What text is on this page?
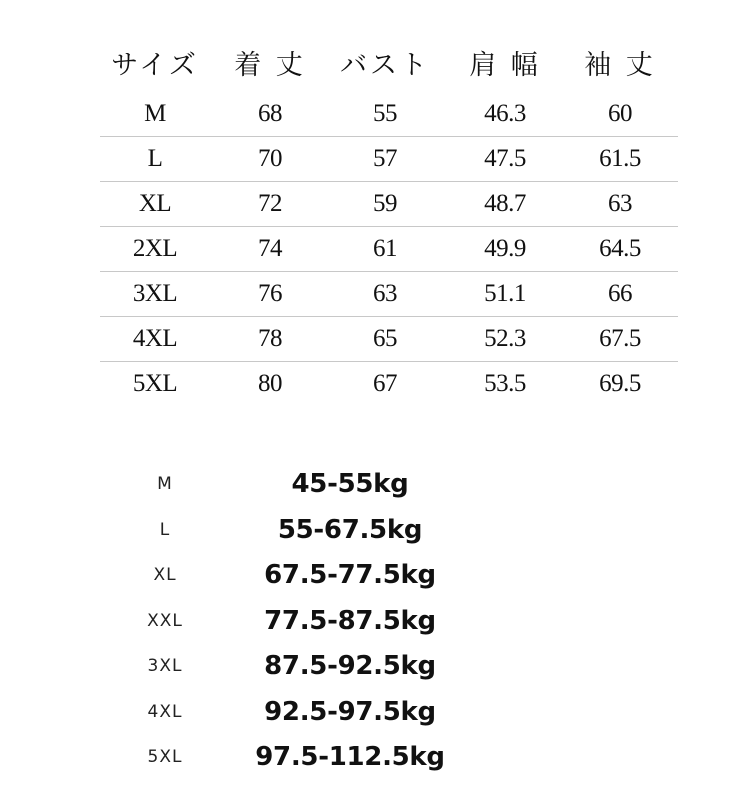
サイズ	着 丈	バスト	肩 幅	袖 丈
M	68	55	46.3	60
L	70	57	47.5	61.5
XL	72	59	48.7	63
2XL	74	61	49.9	64.5
3XL	76	63	51.1	66
4XL	78	65	52.3	67.5
5XL	80	67	53.5	69.5
M	45-55kg
L	55-67.5kg
XL	67.5-77.5kg
XXL	77.5-87.5kg
3XL	87.5-92.5kg
4XL	92.5-97.5kg
5XL	97.5-112.5kg
